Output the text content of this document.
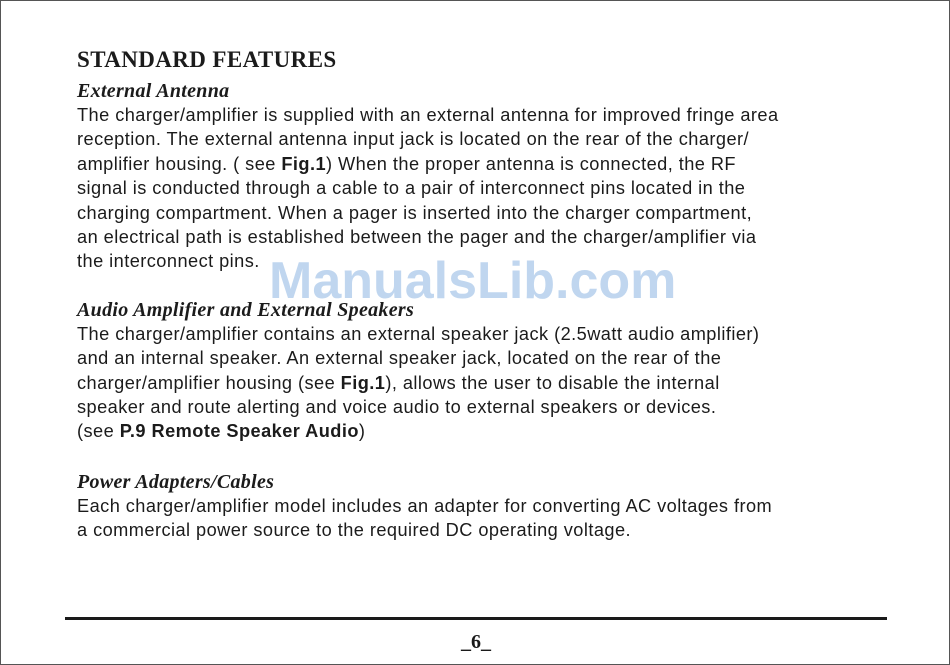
STANDARD FEATURES
External Antenna
The charger/amplifier is supplied with an external antenna for improved fringe area
reception. The external antenna input jack is located on the rear of the charger/
amplifier housing. ( see Fig.1) When the proper antenna is connected, the RF
signal is conducted through a cable to a pair of interconnect pins located in the
charging compartment. When a pager is inserted into the charger compartment,
an electrical path is established between the pager and the charger/amplifier via
the interconnect pins.
Audio Amplifier and External Speakers
The charger/amplifier contains an external speaker jack (2.5watt audio amplifier)
and an internal speaker. An external speaker jack, located on the rear of the
charger/amplifier housing (see Fig.1), allows the user to disable the internal
speaker and route alerting and voice audio to external speakers or devices.
(see P.9 Remote Speaker Audio)
Power Adapters/Cables
Each charger/amplifier model includes an adapter for converting AC voltages from
a commercial power source to the required DC operating voltage.
ManualsLib.com
_6_
